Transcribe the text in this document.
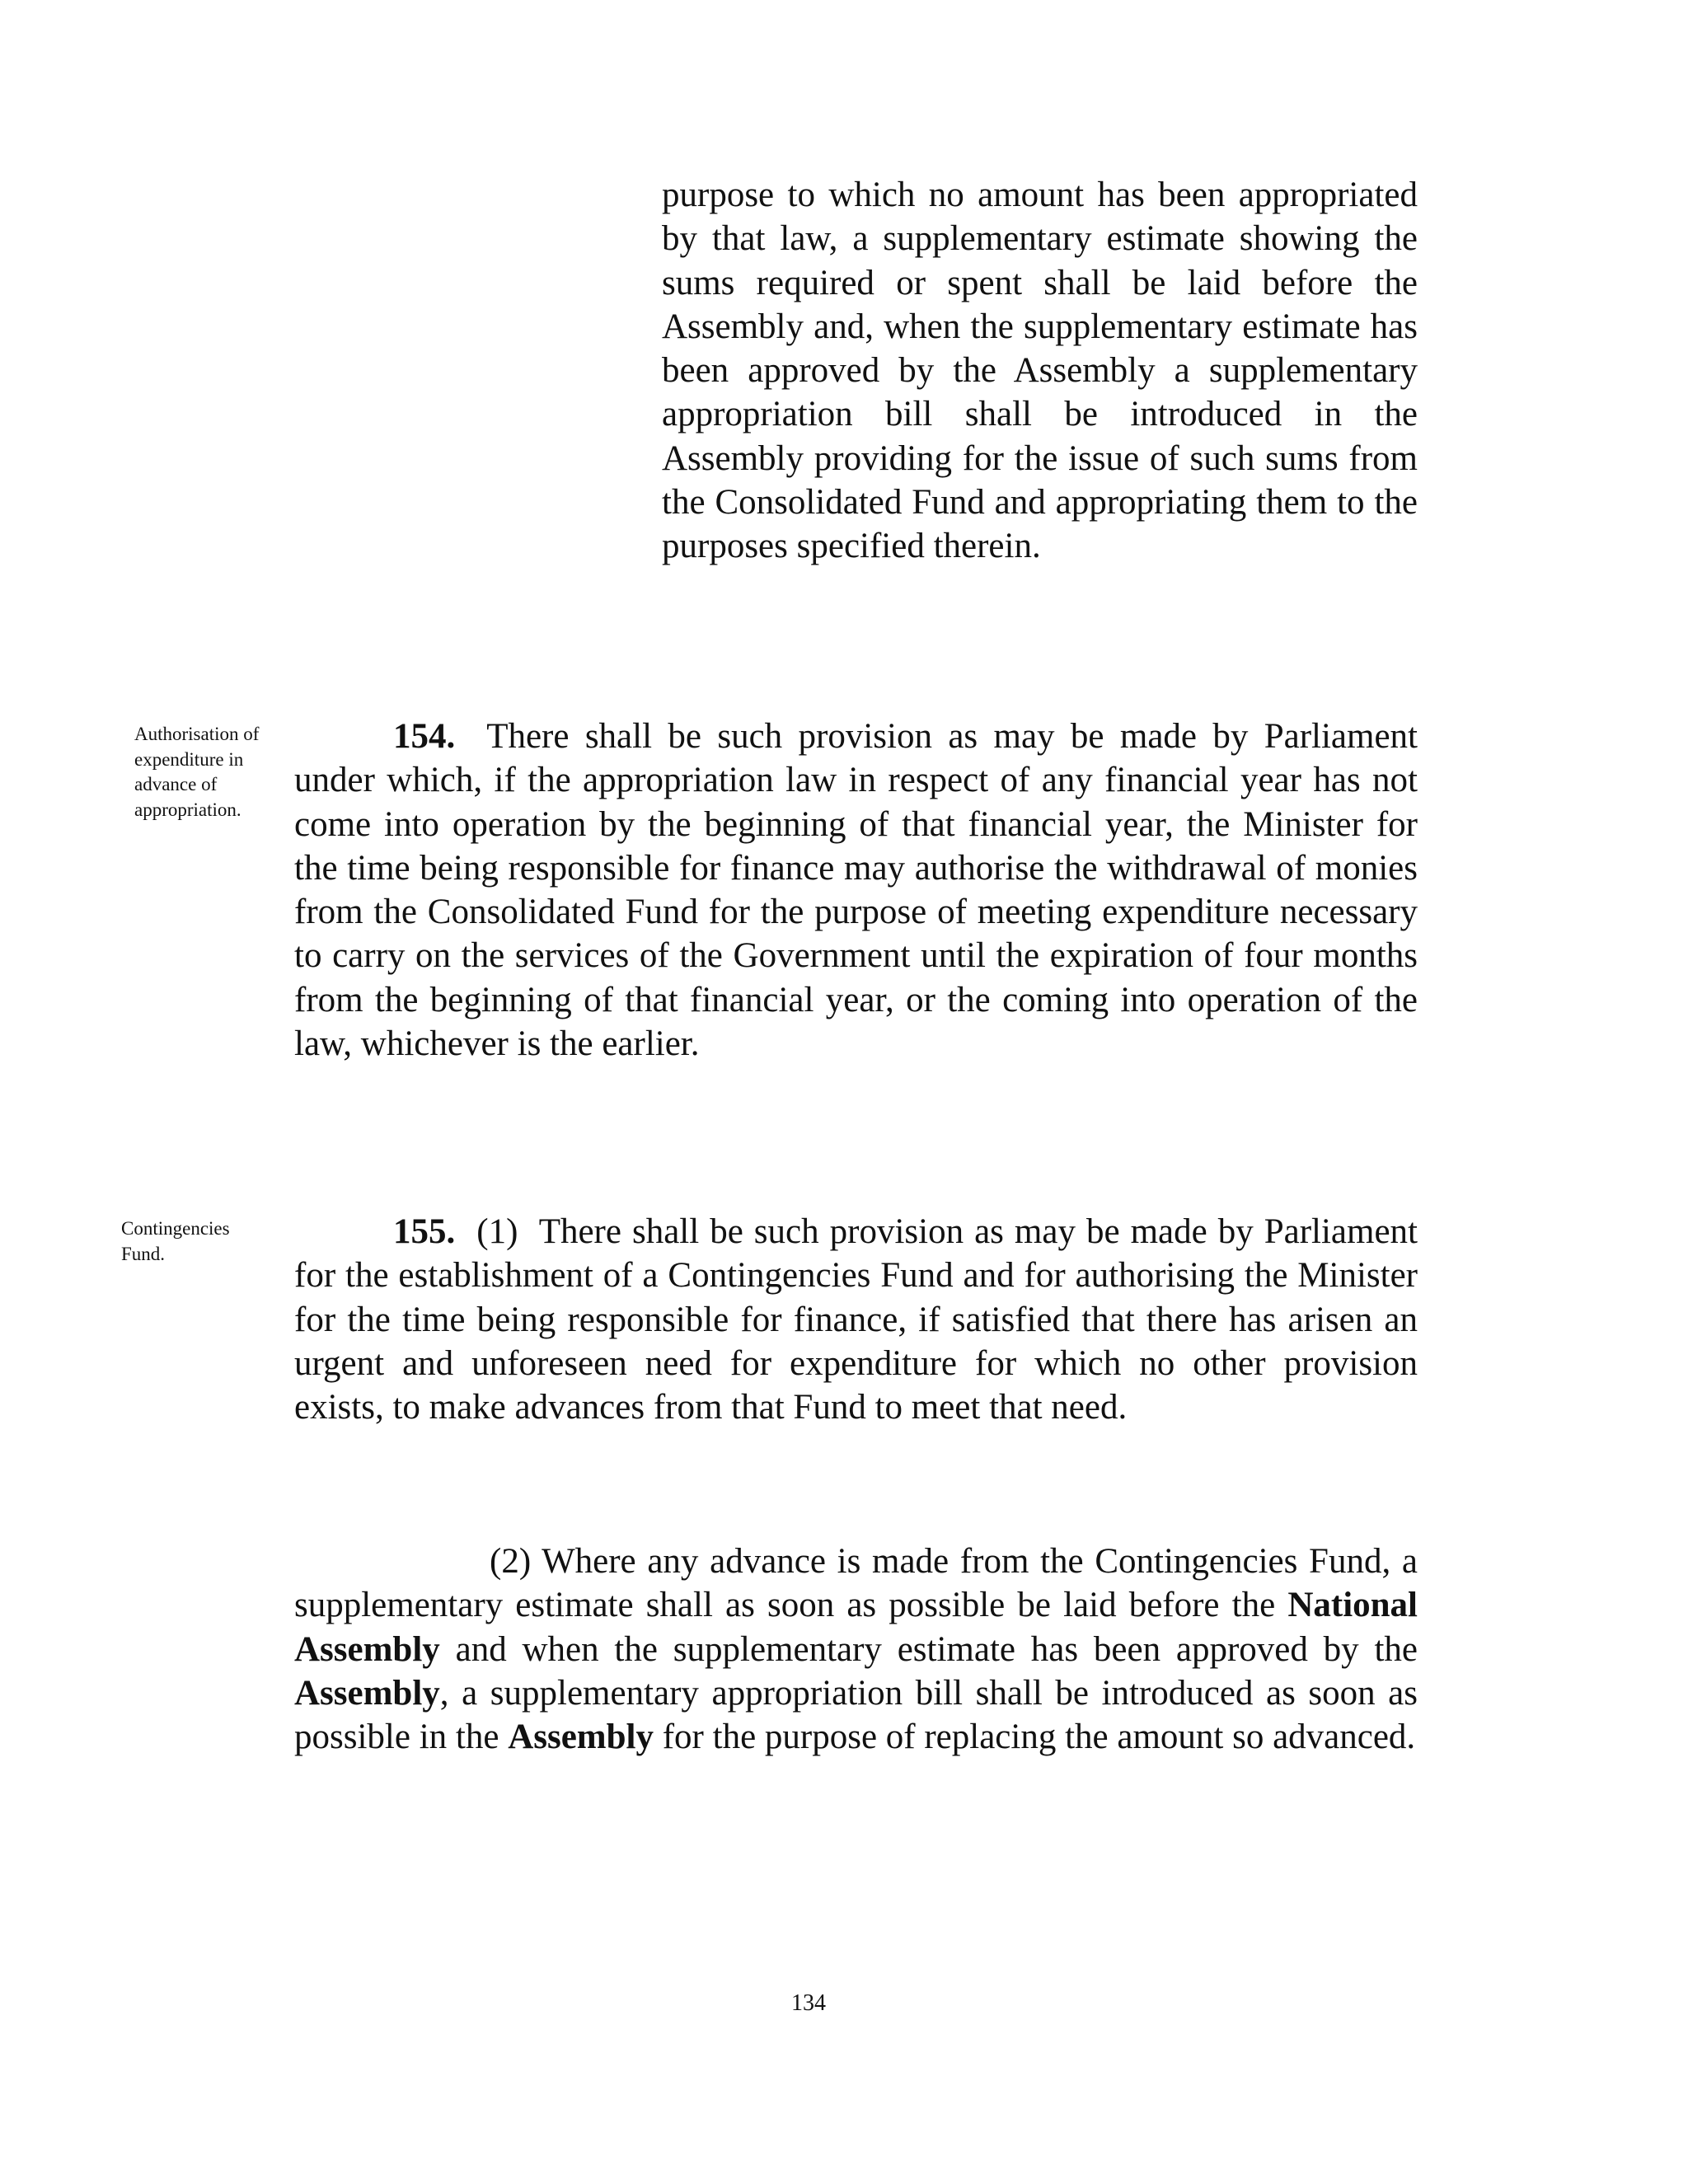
purpose to which no amount has been appropriated by that law, a supplementary estimate showing the sums required or spent shall be laid before the Assembly and, when the supplementary estimate has been approved by the Assembly a supplementary appropriation bill shall be introduced in the Assembly providing for the issue of such sums from the Consolidated Fund and appropriating them to the purposes specified therein.

Authorisation of expenditure in advance of appropriation.

154. There shall be such provision as may be made by Parliament under which, if the appropriation law in respect of any financial year has not come into operation by the beginning of that financial year, the Minister for the time being responsible for finance may authorise the withdrawal of monies from the Consolidated Fund for the purpose of meeting expenditure necessary to carry on the services of the Government until the expiration of four months from the beginning of that financial year, or the coming into operation of the law, whichever is the earlier.

Contingencies Fund.

155. (1) There shall be such provision as may be made by Parliament for the establishment of a Contingencies Fund and for authorising the Minister for the time being responsible for finance, if satisfied that there has arisen an urgent and unforeseen need for expenditure for which no other provision exists, to make advances from that Fund to meet that need.

(2) Where any advance is made from the Contingencies Fund, a supplementary estimate shall as soon as possible be laid before the National Assembly and when the supplementary estimate has been approved by the Assembly, a supplementary appropriation bill shall be introduced as soon as possible in the Assembly for the purpose of replacing the amount so advanced.

134
